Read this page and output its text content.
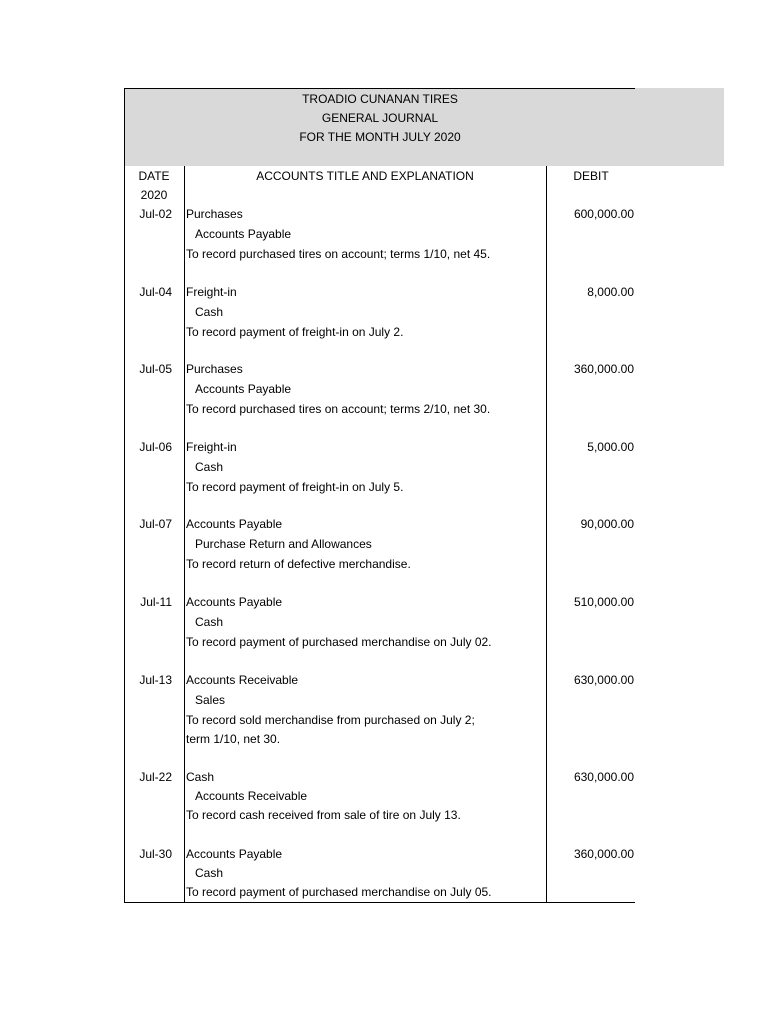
TROADIO CUNANAN TIRES
GENERAL JOURNAL
FOR THE MONTH JULY 2020
DATE
2020
ACCOUNTS TITLE AND EXPLANATION	DEBIT
Jul-02 Purchases	600,000.00
Accounts Payable
To record purchased tires on account; terms 1/10, net 45.
Jul-04 Freight-in	8,000.00
Cash
To record payment of freight-in on July 2.
Jul-05 Purchases	360,000.00
Accounts Payable
To record purchased tires on account; terms 2/10, net 30.
Jul-06 Freight-in	5,000.00
Cash
To record payment of freight-in on July 5.
Jul-07 Accounts Payable	90,000.00
Purchase Return and Allowances
To record return of defective merchandise.
Jul-11 Accounts Payable	510,000.00
Cash
To record payment of purchased merchandise on July 02.
Jul-13 Accounts Receivable	630,000.00
Sales
To record sold merchandise from purchased on July 2;
term 1/10, net 30.
Jul-22 Cash	630,000.00
Accounts Receivable
To record cash received from sale of tire on July 13.
Jul-30 Accounts Payable	360,000.00
Cash
To record payment of purchased merchandise on July 05.
